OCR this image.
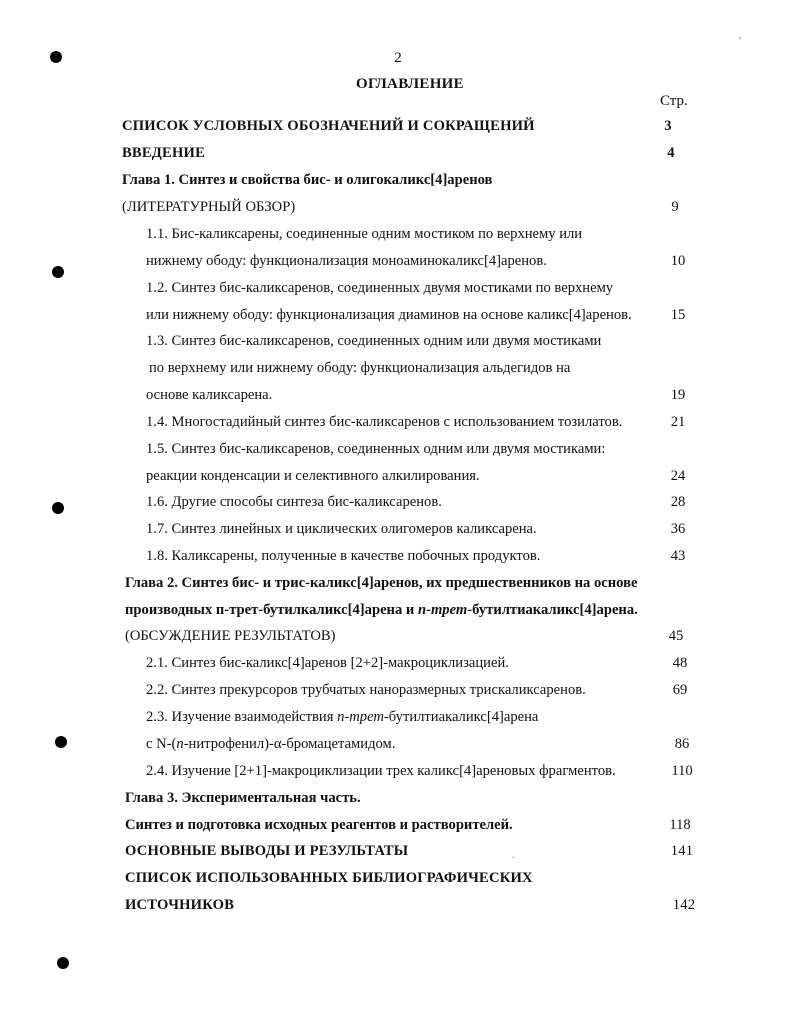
2
ОГЛАВЛЕНИЕ
Стр.
СПИСОК УСЛОВНЫХ ОБОЗНАЧЕНИЙ И СОКРАЩЕНИЙ	3
ВВЕДЕНИЕ	4
Глава 1. Синтез и свойства бис- и олигокаликс[4]аренов
(ЛИТЕРАТУРНЫЙ ОБЗОР)	9
1.1. Бис-каликсарены, соединенные одним мостиком по верхнему или
нижнему ободу: функционализация моноаминокаликс[4]аренов.	10
1.2. Синтез бис-каликсаренов, соединенных двумя мостиками по верхнему
или нижнему ободу: функционализация диаминов на основе каликс[4]аренов.	15
1.3. Синтез бис-каликсаренов, соединенных одним или двумя мостиками
по верхнему или нижнему ободу: функционализация альдегидов на
основе каликсарена.	19
1.4. Многостадийный синтез бис-каликсаренов с использованием тозилатов.	21
1.5. Синтез бис-каликсаренов, соединенных одним или двумя мостиками:
реакции конденсации и селективного алкилирования.	24
1.6. Другие способы синтеза бис-каликсаренов.	28
1.7. Синтез линейных и циклических олигомеров каликсарена.	36
1.8. Каликсарены, полученные в качестве побочных продуктов.	43
Глава 2. Синтез бис- и трис-каликс[4]аренов, их предшественников на основе
производных п-трет-бутилкаликс[4]арена и п-трет-бутилтиакаликс[4]арена.
(ОБСУЖДЕНИЕ РЕЗУЛЬТАТОВ)	45
2.1. Синтез бис-каликс[4]аренов [2+2]-макроциклизацией.	48
2.2. Синтез прекурсоров трубчатых наноразмерных трискаликсаренов.	69
2.3. Изучение взаимодействия п-трет-бутилтиакаликс[4]арена
с N-(п-нитрофенил)-α-бромацетамидом.	86
2.4. Изучение [2+1]-макроциклизации трех каликс[4]ареновых фрагментов.	110
Глава 3. Экспериментальная часть.
Синтез и подготовка исходных реагентов и растворителей.	118
ОСНОВНЫЕ ВЫВОДЫ И РЕЗУЛЬТАТЫ	141
СПИСОК ИСПОЛЬЗОВАННЫХ БИБЛИОГРАФИЧЕСКИХ
ИСТОЧНИКОВ	142
,
.
